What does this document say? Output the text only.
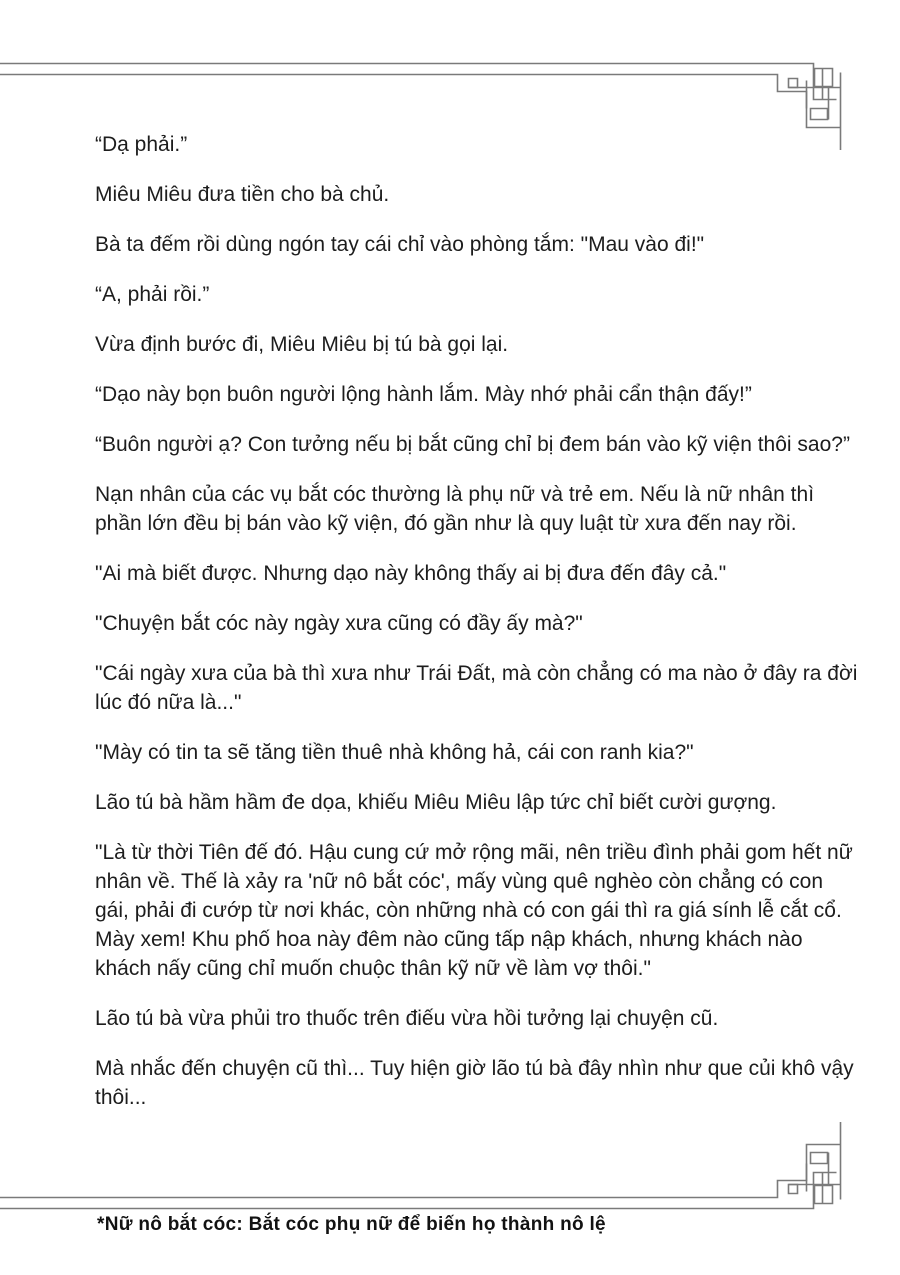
“Dạ phải.”

Miêu Miêu đưa tiền cho bà chủ.

Bà ta đếm rồi dùng ngón tay cái chỉ vào phòng tắm: "Mau vào đi!"

“A, phải rồi.”

Vừa định bước đi, Miêu Miêu bị tú bà gọi lại.

“Dạo này bọn buôn người lộng hành lắm. Mày nhớ phải cẩn thận đấy!”

“Buôn người ạ? Con tưởng nếu bị bắt cũng chỉ bị đem bán vào kỹ viện thôi sao?”

Nạn nhân của các vụ bắt cóc thường là phụ nữ và trẻ em. Nếu là nữ nhân thì phần lớn đều bị bán vào kỹ viện, đó gần như là quy luật từ xưa đến nay rồi.

"Ai mà biết được. Nhưng dạo này không thấy ai bị đưa đến đây cả."

"Chuyện bắt cóc này ngày xưa cũng có đầy ấy mà?"

"Cái ngày xưa của bà thì xưa như Trái Đất, mà còn chẳng có ma nào ở đây ra đời lúc đó nữa là..."

"Mày có tin ta sẽ tăng tiền thuê nhà không hả, cái con ranh kia?"

Lão tú bà hầm hầm đe dọa, khiếu Miêu Miêu lập tức chỉ biết cười gượng.

"Là từ thời Tiên đế đó. Hậu cung cứ mở rộng mãi, nên triều đình phải gom hết nữ nhân về. Thế là xảy ra 'nữ nô bắt cóc', mấy vùng quê nghèo còn chẳng có con gái, phải đi cướp từ nơi khác, còn những nhà có con gái thì ra giá sính lễ cắt cổ. Mày xem! Khu phố hoa này đêm nào cũng tấp nập khách, nhưng khách nào khách nấy cũng chỉ muốn chuộc thân kỹ nữ về làm vợ thôi."

Lão tú bà vừa phủi tro thuốc trên điếu vừa hồi tưởng lại chuyện cũ.

Mà nhắc đến chuyện cũ thì... Tuy hiện giờ lão tú bà đây nhìn như que củi khô vậy thôi...

*Nữ nô bắt cóc: Bắt cóc phụ nữ để biến họ thành nô lệ
